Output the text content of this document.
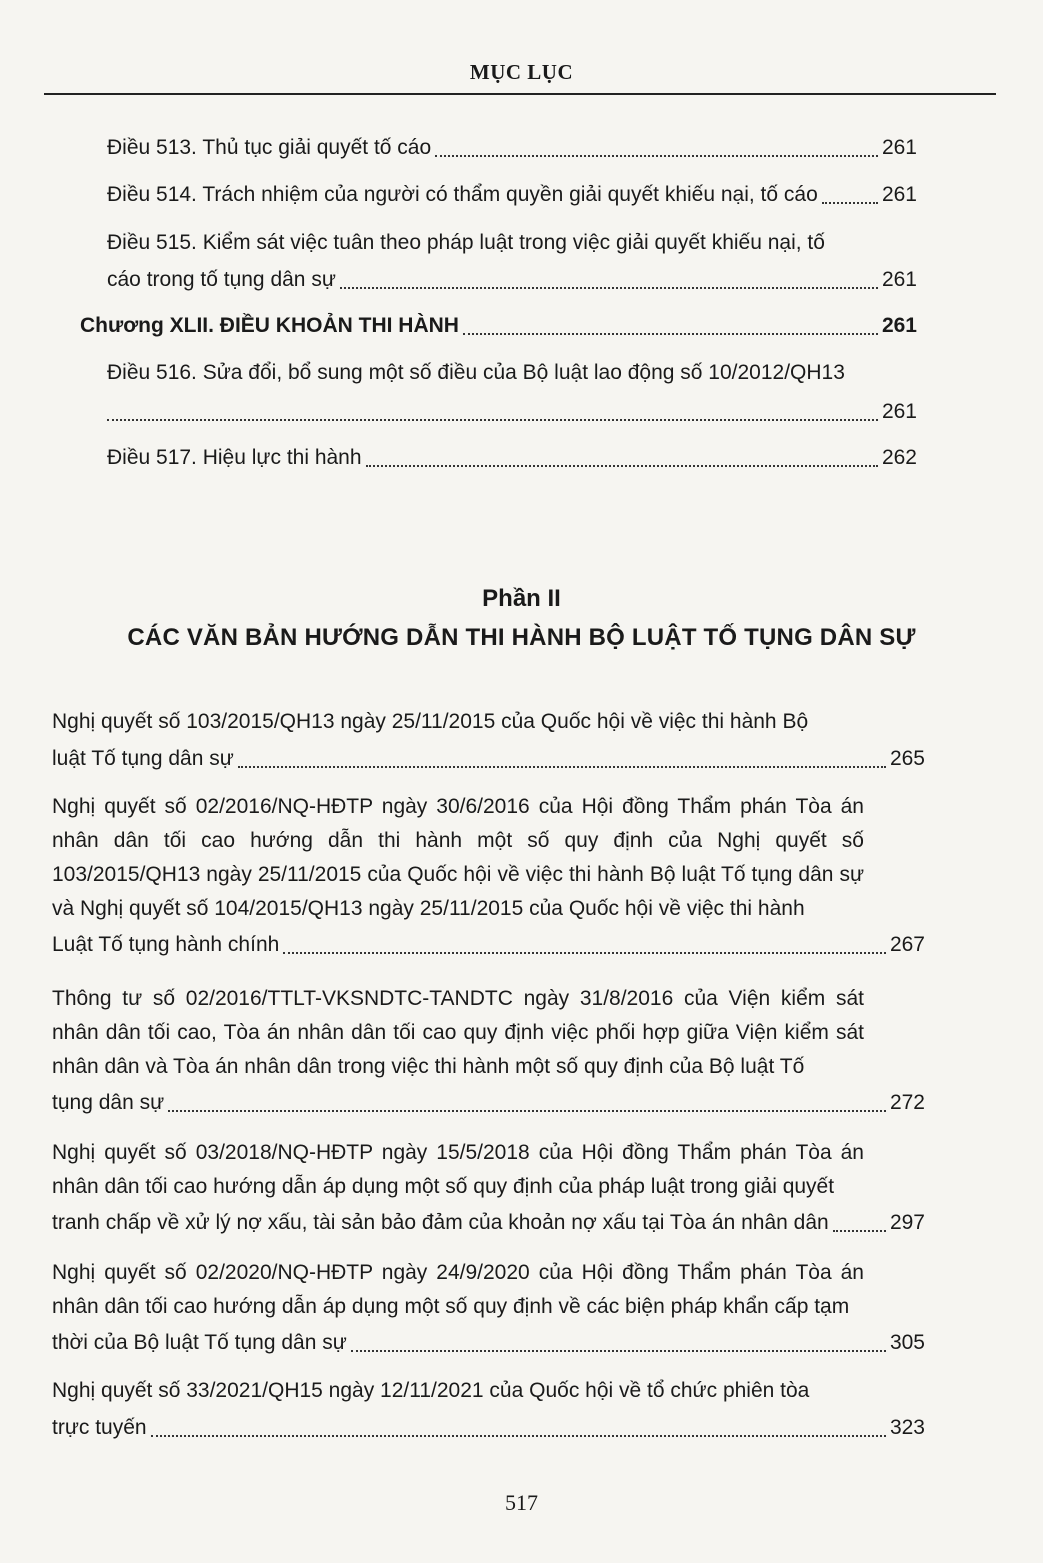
MỤC LỤC
Điều 513. Thủ tục giải quyết tố cáo	261
Điều 514. Trách nhiệm của người có thẩm quyền giải quyết khiếu nại, tố cáo	261
Điều 515. Kiểm sát việc tuân theo pháp luật trong việc giải quyết khiếu nại, tố
cáo trong tố tụng dân sự	261
Chương XLII. ĐIỀU KHOẢN THI HÀNH	261
Điều 516. Sửa đổi, bổ sung một số điều của Bộ luật lao động số 10/2012/QH13
261
Điều 517. Hiệu lực thi hành	262
Phần II
CÁC VĂN BẢN HƯỚNG DẪN THI HÀNH BỘ LUẬT TỐ TỤNG DÂN SỰ
Nghị quyết số 103/2015/QH13 ngày 25/11/2015 của Quốc hội về việc thi hành Bộ
luật Tố tụng dân sự	265
Nghị quyết số 02/2016/NQ-HĐTP ngày 30/6/2016 của Hội đồng Thẩm phán Tòa án nhân dân tối cao hướng dẫn thi hành một số quy định của Nghị quyết số 103/2015/QH13 ngày 25/11/2015 của Quốc hội về việc thi hành Bộ luật Tố tụng dân sự và Nghị quyết số 104/2015/QH13 ngày 25/11/2015 của Quốc hội về việc thi hành
Luật Tố tụng hành chính	267
Thông tư số 02/2016/TTLT-VKSNDTC-TANDTC ngày 31/8/2016 của Viện kiểm sát nhân dân tối cao, Tòa án nhân dân tối cao quy định việc phối hợp giữa Viện kiểm sát nhân dân và Tòa án nhân dân trong việc thi hành một số quy định của Bộ luật Tố
tụng dân sự	272
Nghị quyết số 03/2018/NQ-HĐTP ngày 15/5/2018 của Hội đồng Thẩm phán Tòa án nhân dân tối cao hướng dẫn áp dụng một số quy định của pháp luật trong giải quyết
tranh chấp về xử lý nợ xấu, tài sản bảo đảm của khoản nợ xấu tại Tòa án nhân dân	297
Nghị quyết số 02/2020/NQ-HĐTP ngày 24/9/2020 của Hội đồng Thẩm phán Tòa án nhân dân tối cao hướng dẫn áp dụng một số quy định về các biện pháp khẩn cấp tạm
thời của Bộ luật Tố tụng dân sự	305
Nghị quyết số 33/2021/QH15 ngày 12/11/2021 của Quốc hội về tổ chức phiên tòa
trực tuyến	323
517
